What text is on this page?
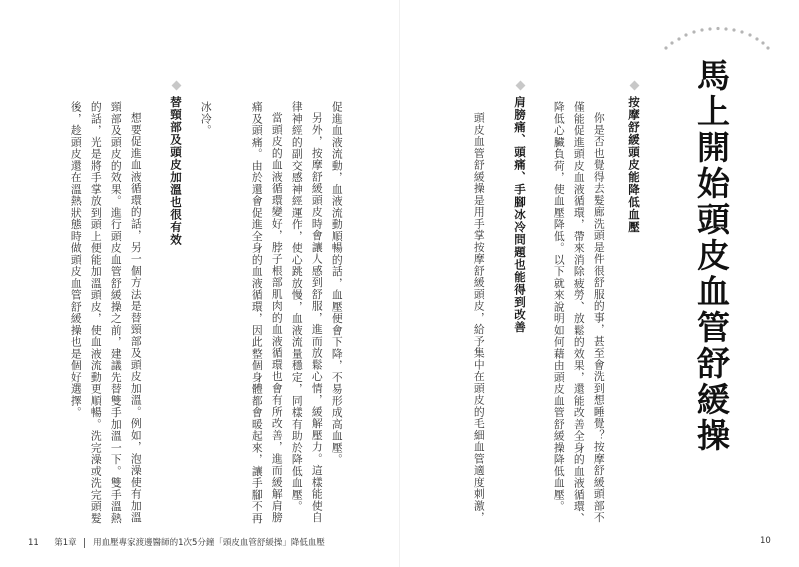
馬上開始頭皮血管舒緩操
按摩舒緩頭皮能降低血壓
你是否也覺得去髮廊洗頭是件很舒服的事，甚至會洗到想睡覺？按摩舒緩頭部不
僅能促進頭皮血液循環，帶來消除疲勞、放鬆的效果，還能改善全身的血液循環、
降低心臟負荷，使血壓降低。以下就來說明如何藉由頭皮血管舒緩操降低血壓。
肩膀痛、頭痛、手腳冰冷問題也能得到改善
頭皮血管舒緩操是用手掌按摩舒緩頭皮，給予集中在頭皮的毛細血管適度刺激，
促進血液流動，血液流動順暢的話，血壓便會下降，不易形成高血壓。
另外，按摩舒緩頭皮時會讓人感到舒服，進而放鬆心情，緩解壓力。這樣能使自
律神經的副交感神經運作，使心跳放慢，血液流量穩定，同樣有助於降低血壓。
當頭皮的血液循環變好，脖子根部肌肉的血液循環也會有所改善，進而緩解肩膀
痛及頭痛。由於還會促進全身的血液循環，因此整個身體都會暖起來，讓手腳不再
冰冷。
替頸部及頭皮加溫也很有效
想要促進血液循環的話，另一個方法是替頸部及頭皮加溫。例如，泡澡使有加溫
頸部及頭皮的效果。進行頭皮血管舒緩操之前，建議先替雙手加溫一下。雙手溫熱
的話，光是將手掌放到頭上便能加溫頭皮，使血液流動更順暢。洗完澡或洗完頭髮
後，趁頭皮還在溫熱狀態時做頭皮血管舒緩操也是個好選擇。
11 第1章 用血壓專家渡邊醫師的1次5分鐘「頭皮血管舒緩操」降低血壓	10
